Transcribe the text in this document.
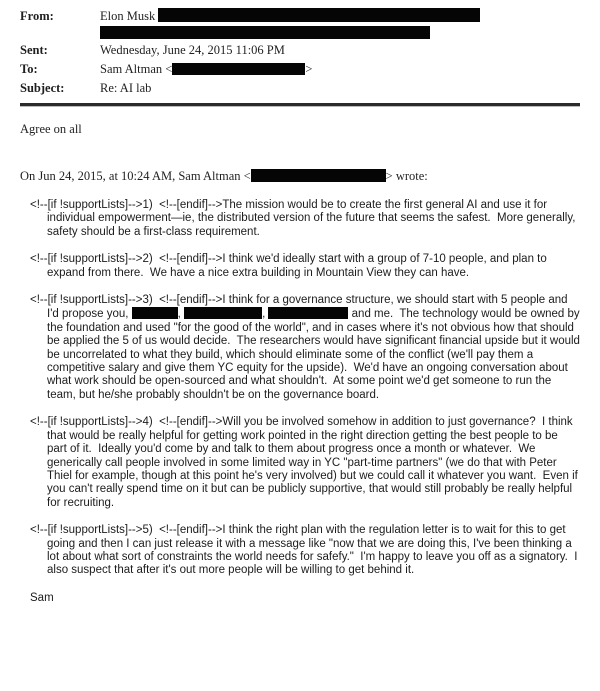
From:	Elon Musk
Sent:	Wednesday, June 24, 2015 11:06 PM
To:	Sam Altman <	>
Subject:	Re: AI lab
Agree on all
On Jun 24, 2015, at 10:24 AM, Sam Altman <	> wrote:

<!--[if !supportLists]-->1)  <!--[endif]-->The mission would be to create the first general AI and use it for individual empowerment—ie, the distributed version of the future that seems the safest.  More generally, safety should be a first-class requirement.

<!--[if !supportLists]-->2)  <!--[endif]-->I think we'd ideally start with a group of 7-10 people, and plan to expand from there.  We have a nice extra building in Mountain View they can have.

<!--[if !supportLists]-->3)  <!--[endif]-->I think for a governance structure, we should start with 5 people and I'd propose you,	,	,	and me.  The technology would be owned by the foundation and used "for the good of the world", and in cases where it's not obvious how that should be applied the 5 of us would decide.  The researchers would have significant financial upside but it would be uncorrelated to what they build, which should eliminate some of the conflict (we'll pay them a competitive salary and give them YC equity for the upside).  We'd have an ongoing conversation about what work should be open-sourced and what shouldn't.  At some point we'd get someone to run the team, but he/she probably shouldn't be on the governance board.

<!--[if !supportLists]-->4)  <!--[endif]-->Will you be involved somehow in addition to just governance?  I think that would be really helpful for getting work pointed in the right direction getting the best people to be part of it.  Ideally you'd come by and talk to them about progress once a month or whatever.  We generically call people involved in some limited way in YC "part-time partners" (we do that with Peter Thiel for example, though at this point he's very involved) but we could call it whatever you want.  Even if you can't really spend time on it but can be publicly supportive, that would still probably be really helpful for recruiting.

<!--[if !supportLists]-->5)  <!--[endif]-->I think the right plan with the regulation letter is to wait for this to get going and then I can just release it with a message like "now that we are doing this, I've been thinking a lot about what sort of constraints the world needs for safefy."  I'm happy to leave you off as a signatory.  I also suspect that after it's out more people will be willing to get behind it.

Sam
